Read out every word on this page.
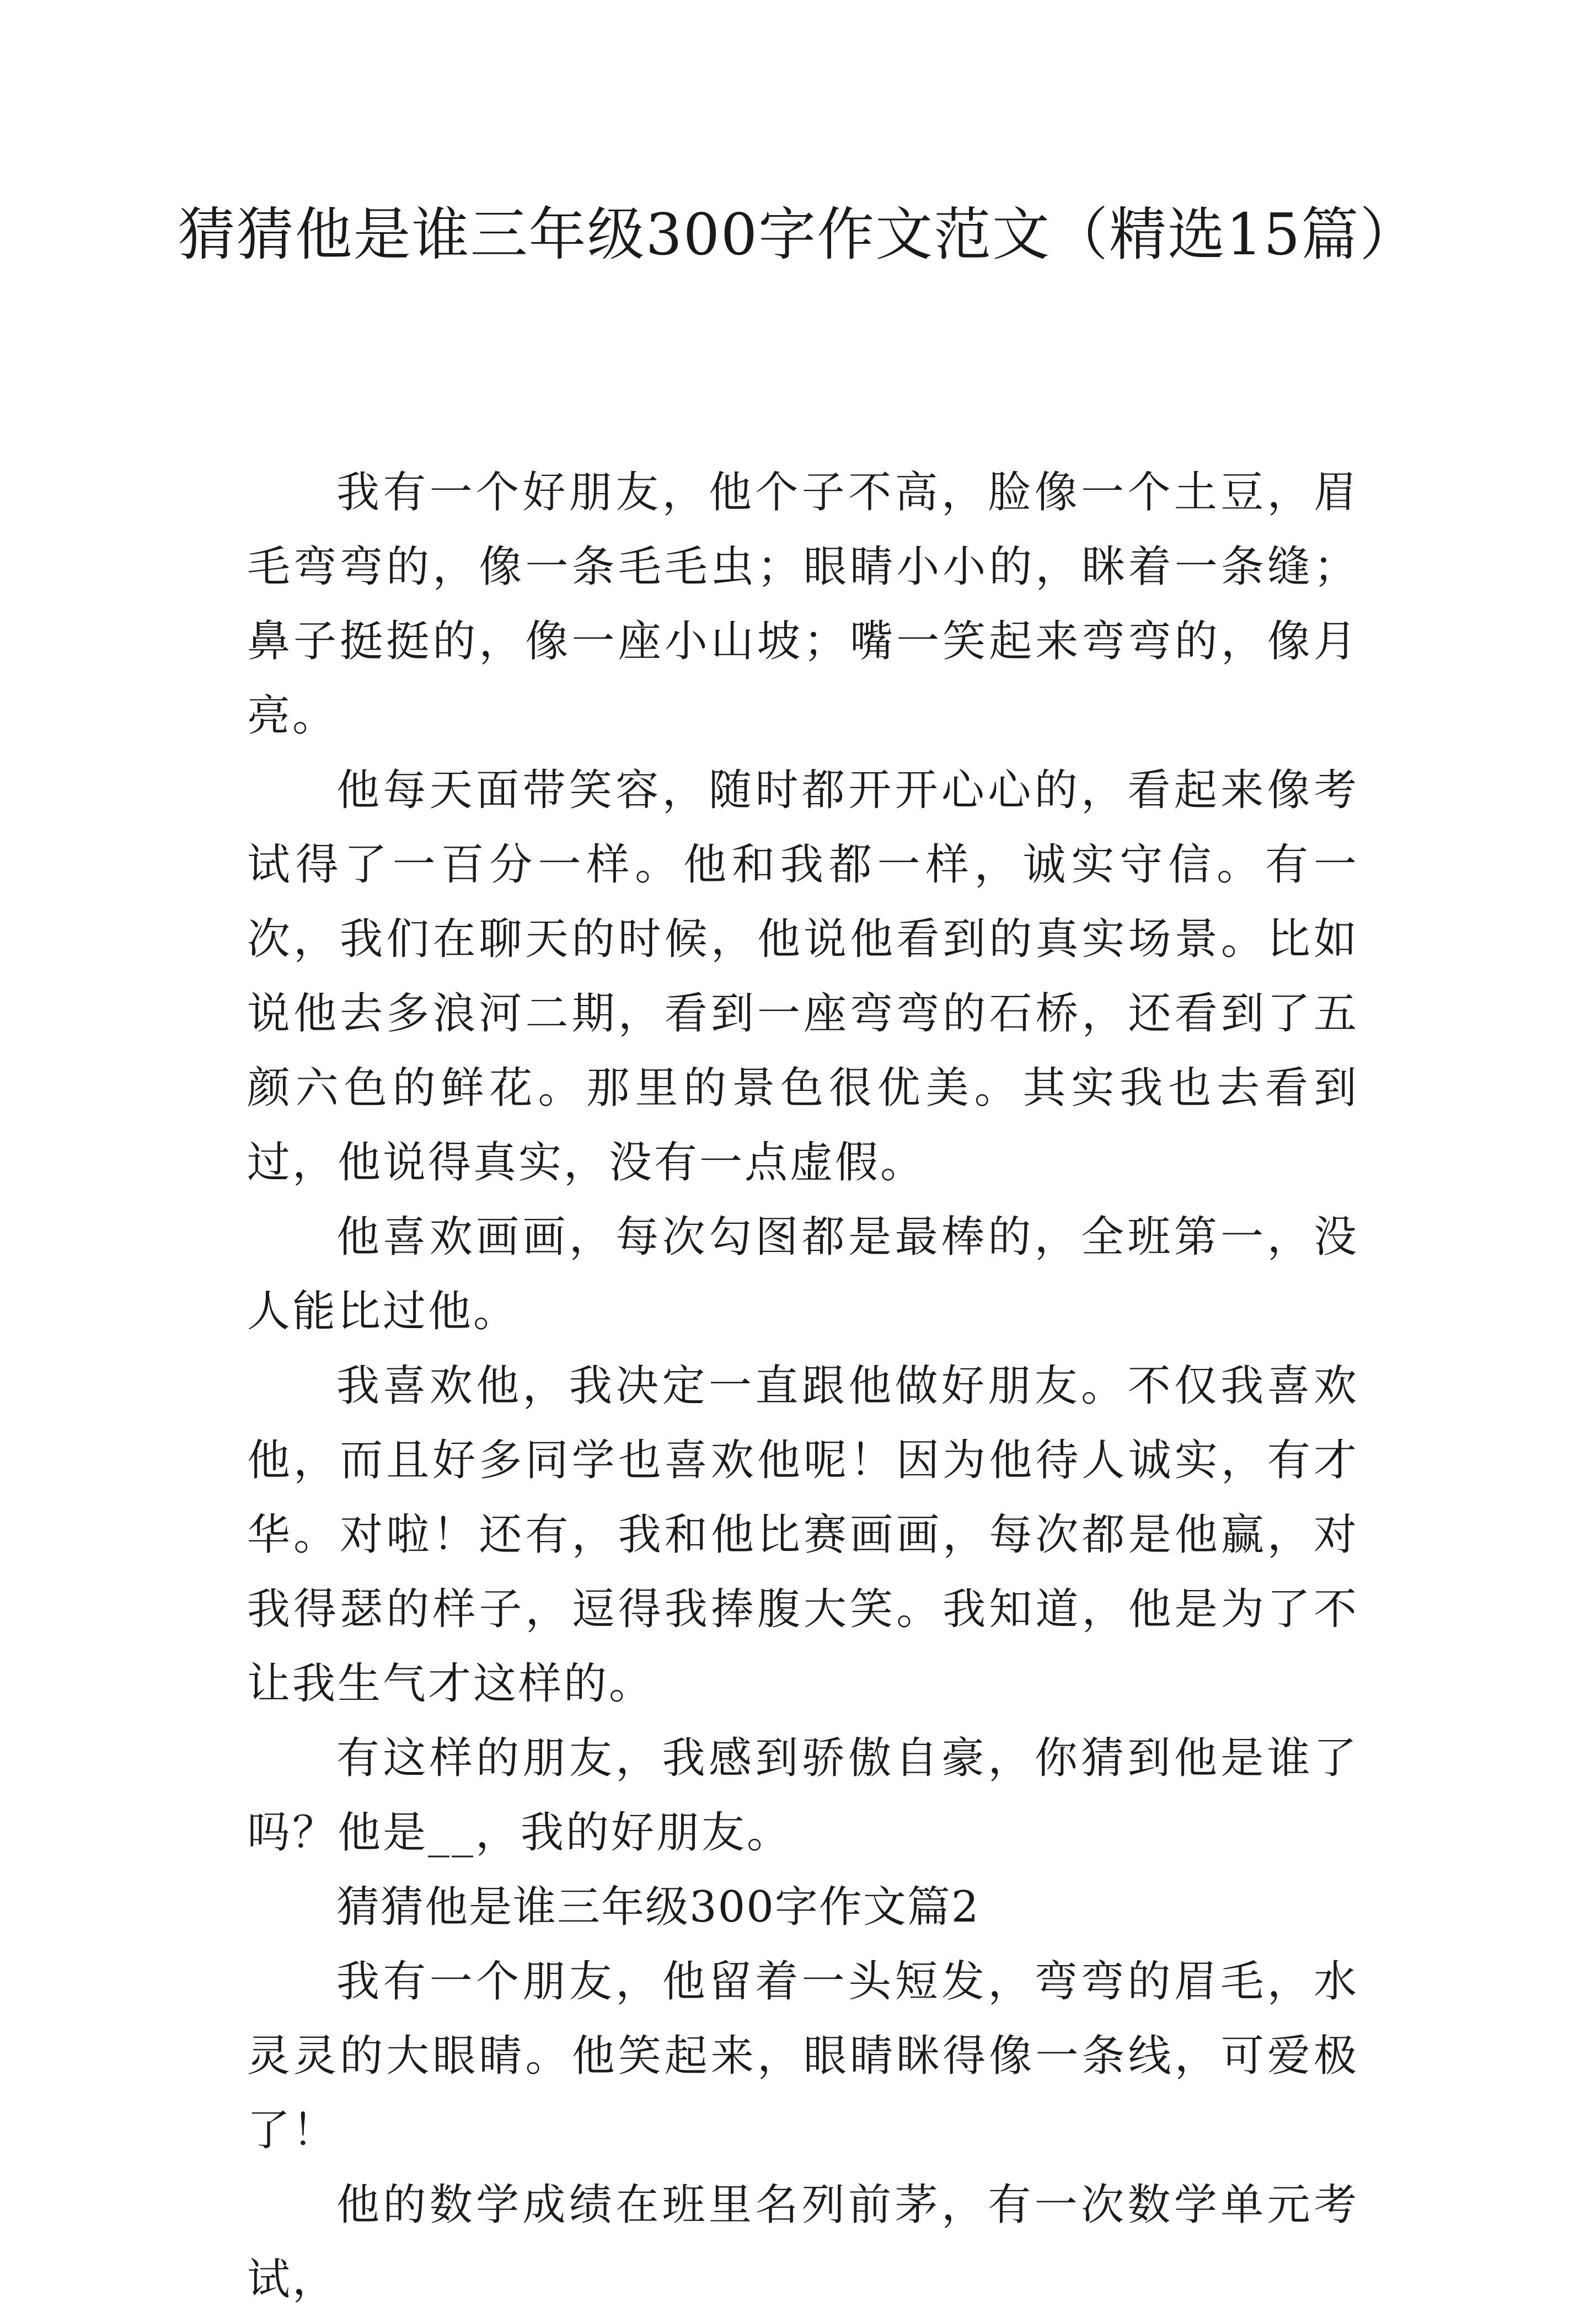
猜猜他是谁三年级300字作文范文（精选15篇）

我有一个好朋友，他个子不高，脸像一个土豆，眉毛弯弯的，像一条毛毛虫；眼睛小小的，眯着一条缝；鼻子挺挺的，像一座小山坡；嘴一笑起来弯弯的，像月亮。

他每天面带笑容，随时都开开心心的，看起来像考试得了一百分一样。他和我都一样，诚实守信。有一次，我们在聊天的时候，他说他看到的真实场景。比如说他去多浪河二期，看到一座弯弯的石桥，还看到了五颜六色的鲜花。那里的景色很优美。其实我也去看到过，他说得真实，没有一点虚假。

他喜欢画画，每次勾图都是最棒的，全班第一，没人能比过他。

我喜欢他，我决定一直跟他做好朋友。不仅我喜欢他，而且好多同学也喜欢他呢！因为他待人诚实，有才华。对啦！还有，我和他比赛画画，每次都是他赢，对我得瑟的样子，逗得我捧腹大笑。我知道，他是为了不让我生气才这样的。

有这样的朋友，我感到骄傲自豪，你猜到他是谁了吗？他是__，我的好朋友。

猜猜他是谁三年级300字作文篇2

我有一个朋友，他留着一头短发，弯弯的眉毛，水灵灵的大眼睛。他笑起来，眼睛眯得像一条线，可爱极了！

他的数学成绩在班里名列前茅，有一次数学单元考试，
